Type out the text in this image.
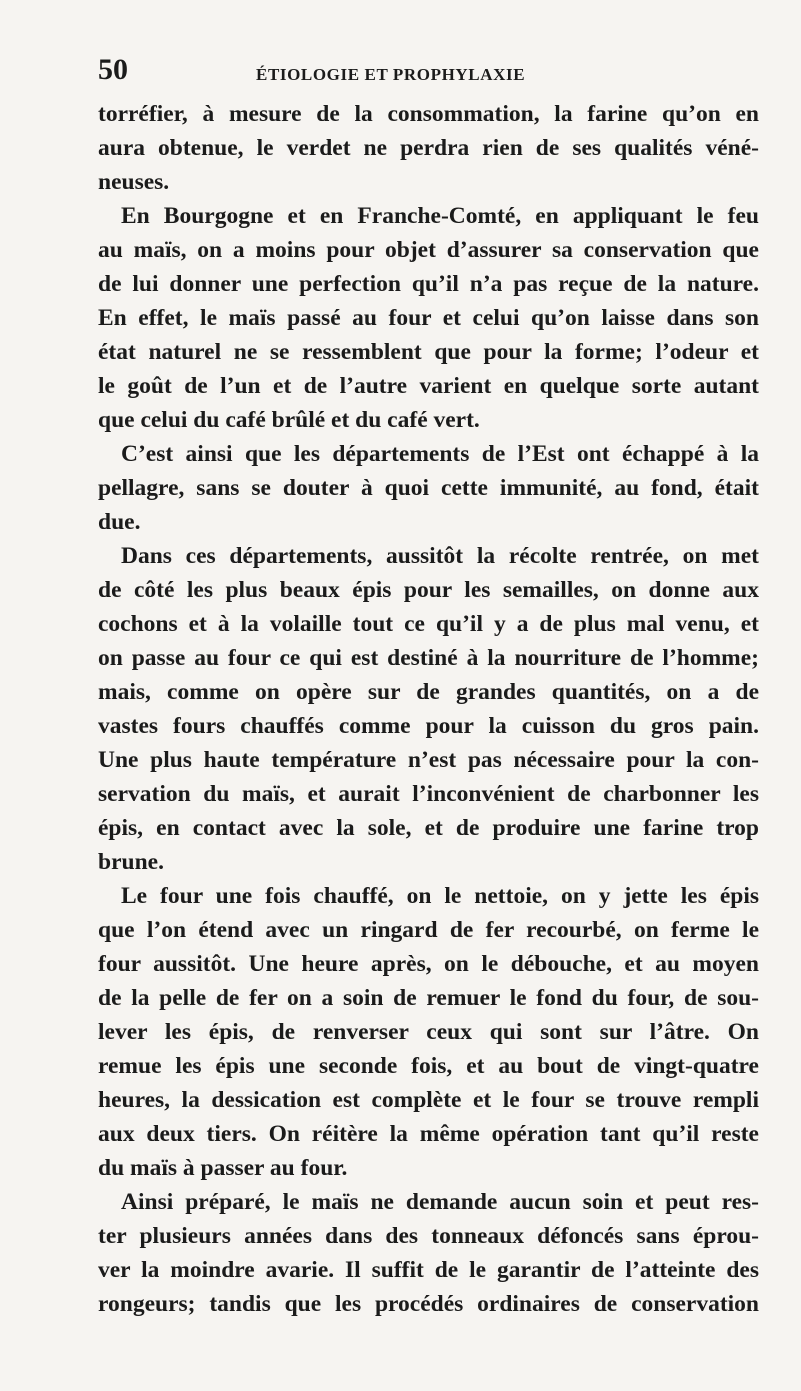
50	ÉTIOLOGIE ET PROPHYLAXIE
torréfier, à mesure de la consommation, la farine qu’on en
aura obtenue, le verdet ne perdra rien de ses qualités véné-
neuses.
En Bourgogne et en Franche-Comté, en appliquant le feu
au maïs, on a moins pour objet d’assurer sa conservation que
de lui donner une perfection qu’il n’a pas reçue de la nature.
En effet, le maïs passé au four et celui qu’on laisse dans son
état naturel ne se ressemblent que pour la forme; l’odeur et
le goût de l’un et de l’autre varient en quelque sorte autant
que celui du café brûlé et du café vert.
C’est ainsi que les départements de l’Est ont échappé à la
pellagre, sans se douter à quoi cette immunité, au fond, était
due.
Dans ces départements, aussitôt la récolte rentrée, on met
de côté les plus beaux épis pour les semailles, on donne aux
cochons et à la volaille tout ce qu’il y a de plus mal venu, et
on passe au four ce qui est destiné à la nourriture de l’homme;
mais, comme on opère sur de grandes quantités, on a de
vastes fours chauffés comme pour la cuisson du gros pain.
Une plus haute température n’est pas nécessaire pour la con-
servation du maïs, et aurait l’inconvénient de charbonner les
épis, en contact avec la sole, et de produire une farine trop
brune.
Le four une fois chauffé, on le nettoie, on y jette les épis
que l’on étend avec un ringard de fer recourbé, on ferme le
four aussitôt. Une heure après, on le débouche, et au moyen
de la pelle de fer on a soin de remuer le fond du four, de sou-
lever les épis, de renverser ceux qui sont sur l’âtre. On
remue les épis une seconde fois, et au bout de vingt-quatre
heures, la dessication est complète et le four se trouve rempli
aux deux tiers. On réitère la même opération tant qu’il reste
du maïs à passer au four.
Ainsi préparé, le maïs ne demande aucun soin et peut res-
ter plusieurs années dans des tonneaux défoncés sans éprou-
ver la moindre avarie. Il suffit de le garantir de l’atteinte des
rongeurs; tandis que les procédés ordinaires de conservation
